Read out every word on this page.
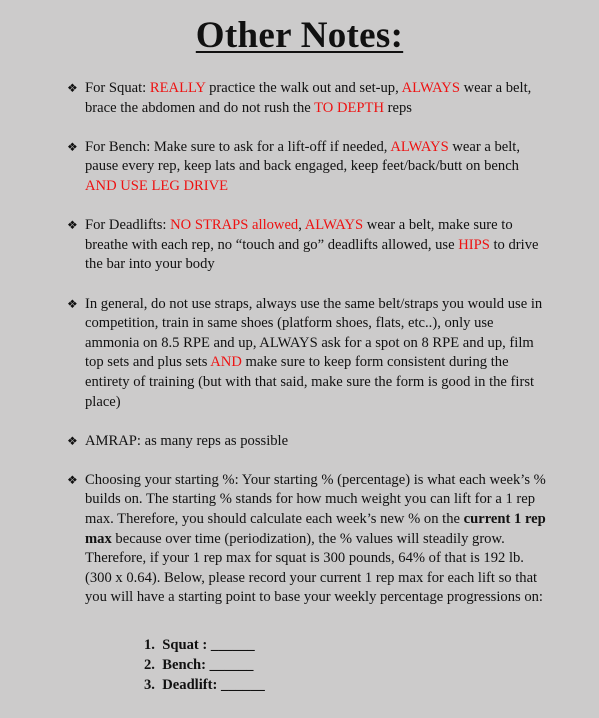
Other Notes:
❖ For Squat: REALLY practice the walk out and set-up, ALWAYS wear a belt, brace the abdomen and do not rush the TO DEPTH reps
❖ For Bench: Make sure to ask for a lift-off if needed, ALWAYS wear a belt, pause every rep, keep lats and back engaged, keep feet/back/butt on bench AND USE LEG DRIVE
❖ For Deadlifts: NO STRAPS allowed, ALWAYS wear a belt, make sure to breathe with each rep, no “touch and go” deadlifts allowed, use HIPS to drive the bar into your body
❖ In general, do not use straps, always use the same belt/straps you would use in competition, train in same shoes (platform shoes, flats, etc..), only use ammonia on 8.5 RPE and up, ALWAYS ask for a spot on 8 RPE and up, film top sets and plus sets AND make sure to keep form consistent during the entirety of training (but with that said, make sure the form is good in the first place)
❖ AMRAP: as many reps as possible
❖ Choosing your starting %: Your starting % (percentage) is what each week’s % builds on. The starting % stands for how much weight you can lift for a 1 rep max. Therefore, you should calculate each week’s new % on the current 1 rep max because over time (periodization), the % values will steadily grow. Therefore, if your 1 rep max for squat is 300 pounds, 64% of that is 192 lb. (300 x 0.64). Below, please record your current 1 rep max for each lift so that you will have a starting point to base your weekly percentage progressions on:
1.  Squat : ______
2.  Bench: ______
3.  Deadlift: ______
